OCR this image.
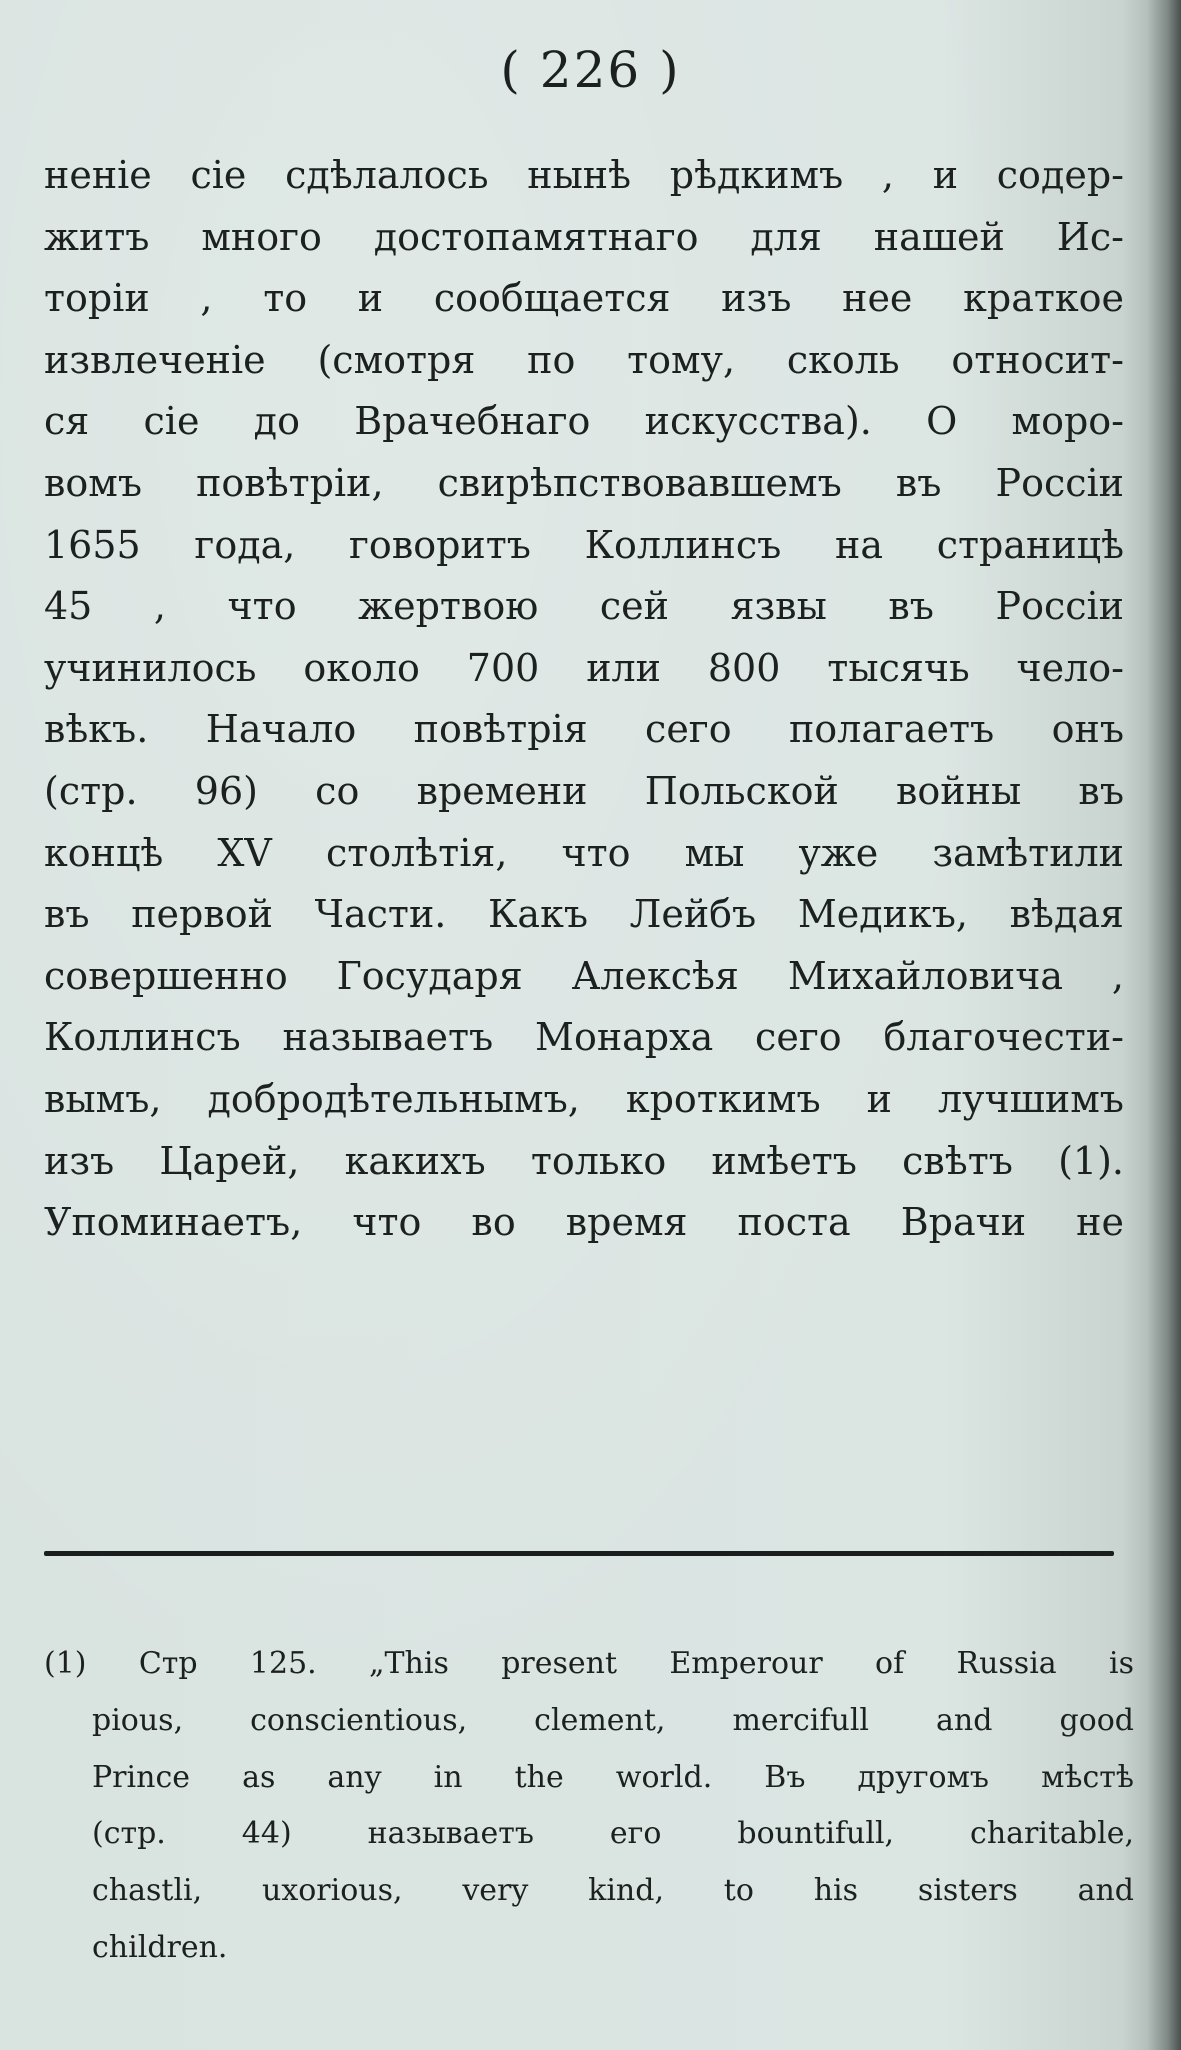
( 226 )
неніе сіе сдѣлалось нынѣ рѣдкимъ , и содер-
житъ много достопамятнаго для нашей Ис-
торіи , то и сообщается изъ нее краткое
извлеченіе (смотря по тому, сколь относит-
ся сіе до Врачебнаго искусства). О моро-
вомъ повѣтріи, свирѣпствовавшемъ въ Россіи
1655 года, говоритъ Коллинсъ на страницѣ
45 , что жертвою сей язвы въ Россіи
учинилось около 700 или 800 тысячь чело-
вѣкъ. Начало повѣтрія сего полагаетъ онъ
(стр. 96) со времени Польской войны въ
концѣ XV столѣтія, что мы уже замѣтили
въ первой Части. Какъ Лейбъ Медикъ, вѣдая
совершенно Государя Алексѣя Михайловича ,
Коллинсъ называетъ Монарха сего благочести-
вымъ, добродѣтельнымъ, кроткимъ и лучшимъ
изъ Царей, какихъ только имѣетъ свѣтъ (1).
Упоминаетъ, что во время поста Врачи не
(1) Стр 125. „This present Emperour of Russia is
pious, conscientious, clement, mercifull and good
Prince as any in the world. Въ другомъ мѣстѣ
(стр. 44) называетъ его bountifull, charitable,
chastli, uxorious, very kind, to his sisters and
children.
